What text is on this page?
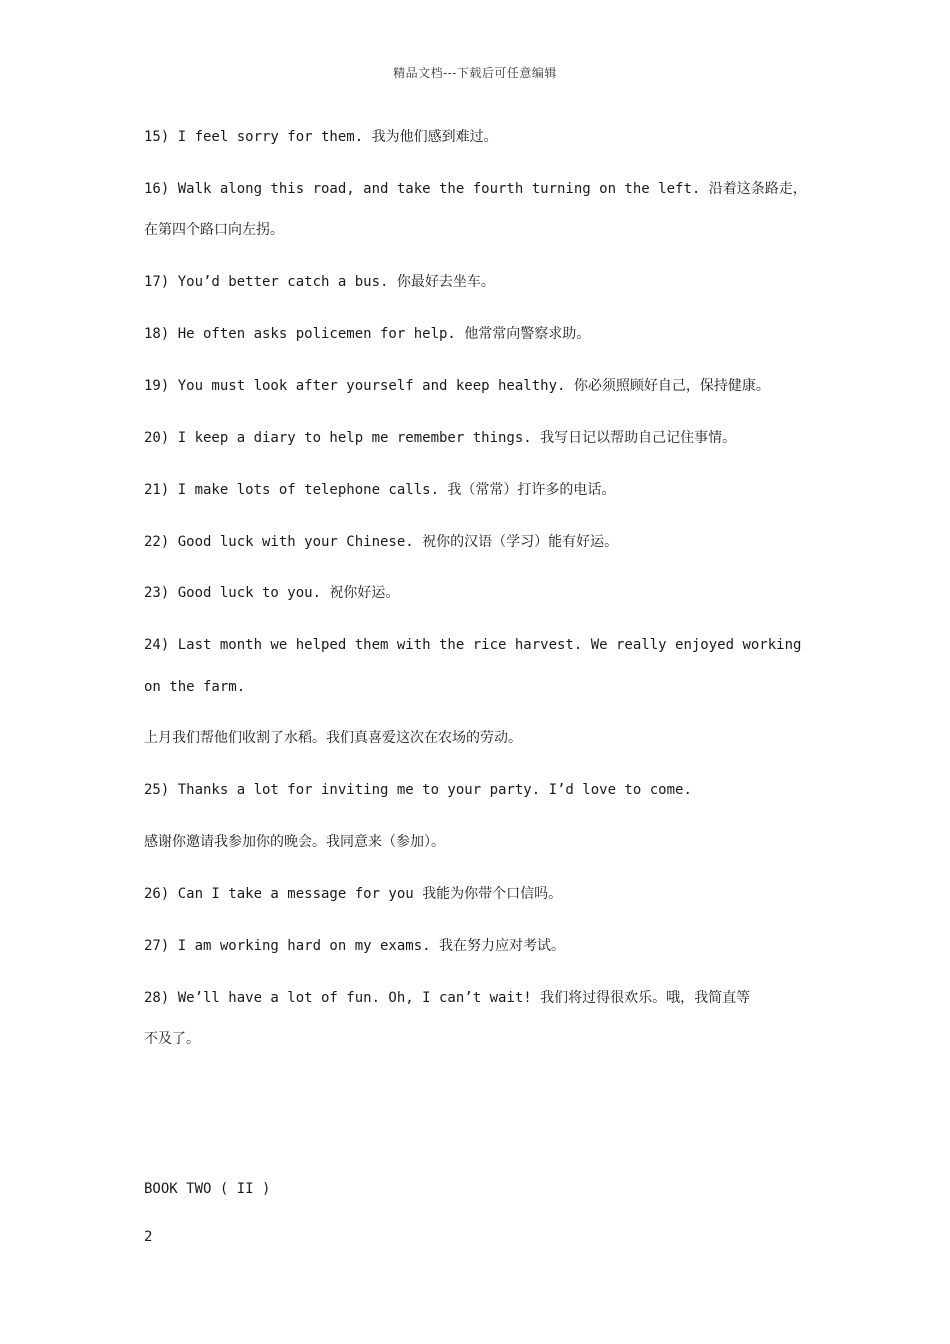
精品文档---下载后可任意编辑
15) I feel sorry for them. 我为他们感到难过。
16) Walk along this road, and take the fourth turning on the left. 沿着这条路走，
在第四个路口向左拐。
17) You’d better catch a bus. 你最好去坐车。
18) He often asks policemen for help. 他常常向警察求助。
19) You must look after yourself and keep healthy. 你必须照顾好自己，保持健康。
20) I keep a diary to help me remember things. 我写日记以帮助自己记住事情。
21) I make lots of telephone calls. 我（常常）打许多的电话。
22) Good luck with your Chinese. 祝你的汉语（学习）能有好运。
23) Good luck to you. 祝你好运。
24) Last month we helped them with the rice harvest. We really enjoyed working
on the farm.
上月我们帮他们收割了水稻。我们真喜爱这次在农场的劳动。
25) Thanks a lot for inviting me to your party. I’d love to come.
感谢你邀请我参加你的晚会。我同意来（参加）。
26) Can I take a message for you 我能为你带个口信吗。
27) I am working hard on my exams. 我在努力应对考试。
28) We’ll have a lot of fun. Oh, I can’t wait! 我们将过得很欢乐。哦，我简直等
不及了。
BOOK TWO ( II )
2
